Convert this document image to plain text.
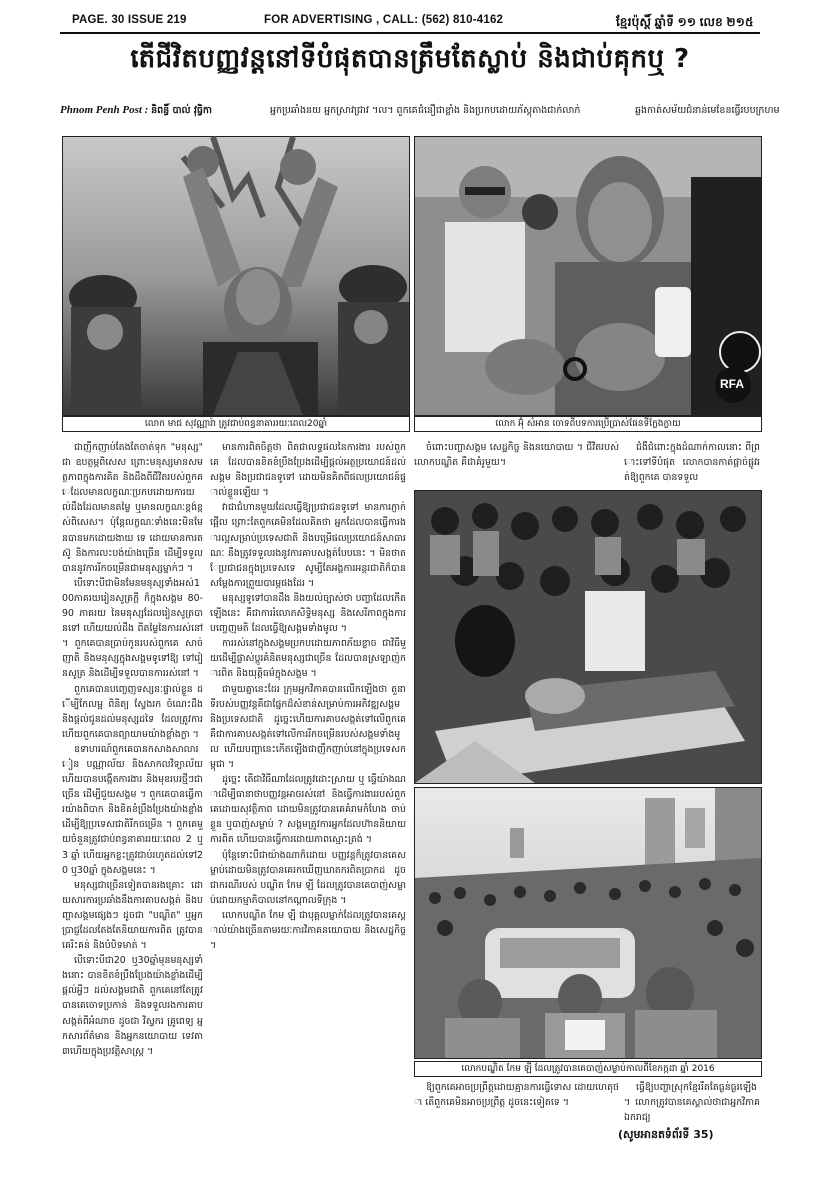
PAGE. 30 ISSUE 219	FOR ADVERTISING , CALL: (562) 810-4162	ខ្មែរប៉ុស្តិ៍ ឆ្នាំទី ១១ លេខ ២១៥
តើជីវិតបញ្ញវន្តនៅទីបំផុតបានត្រឹមតែស្លាប់ និងជាប់គុកឬ ?
Phnom Penh Post : និពន្ធិ៍ បាល់ វុធ្វិកា	អ្នកប្រឆាំងនយ អ្នកស្រាវជ្រាវ ។ល។ ពួកគេ ជំនឿជាខ្លាំង និងប្រកបដោយភ័ស្តុតាងជាក់លាក់	ឆ្លងកាត់សម័យជំនាន់មេខែនធ្វើរបបក្រហម
លោក មាជ សុវណ្ណារ៉ា ត្រូវជាប់ពន្ធនាគាររយៈពេល20ឆ្នាំ
RFA
លោក អ៊ុំ សំអាន ចោទពីបទការប្រើប្រាស់ផែនទីក្លែងក្លាយ

ជាញឹកញាប់តែងតែចាត់ទុក "មនុស្ស" ជា ឧបត្ថម្ភពិសេស ព្រោះមនុស្សមានសមត្ថភាពក្នុងការគិត និងដឹងពីជីវិតរបស់ពួកគេដែលមានលក្ខណៈប្រកបដោយការយល់ដឹងដែលមានតម្លៃ ឬមានលក្ខណៈខ្ពង់ខ្ពស់ពិសេស។ ប៉ុន្តែលក្ខណៈទាំងនេះមិនមែនបានមកដោយងាយ ទេ ដោយមានការតស៊ូ និងការលះបង់យ៉ាងច្រើន ដើម្បីទទួលបាននូវការរីកចម្រើនជាមនុស្សម្នាក់ៗ ។

បើទោះបីជាមិនមែនមនុស្សទាំងអស់100ភាគរយរៀនសូត្រក្តី ក៏ក្នុងសង្គម 80-90 ភាគរយ នៃមនុស្សដែលរៀនសូត្របានទៅ ហើយយល់ដឹង ពីតម្លៃនៃការរស់នៅ ។ ពួកគេបានប្រាប់កូនរបស់ពួកគេ សាច់ញាតិ និងមនុស្សក្នុងសង្គមទូទៅឱ្យ ទៅរៀនសូត្រ និងដើម្បីទទួលបានការរស់នៅ ។

ពួកគេបានបញ្ចេញទស្សនៈផ្ទាល់ខ្លួន ដើម្បីកែលម្អ ពិនិត្យ ស្វែងរក ចំណេះដឹង និងផ្តល់ជូនដល់មនុស្សដទៃ ដែលត្រូវការ ហើយពួកគេបានព្យាយាមយ៉ាងខ្លាំងក្លា ។

ឧទាហរណ៍ពួកគេបានកសាងសាលារៀន បណ្ណាល័យ និងសាកលវិទ្យាល័យ ហើយបានបង្កើតការងារ និងមុខរបរថ្មីៗជាច្រើន ដើម្បីជួយសង្គម ។ ពួកគេបានធ្វើការយ៉ាងពិបាក និងខិតខំប្រឹងប្រែងយ៉ាងខ្លាំង ដើម្បីឱ្យប្រទេសជាតិរីកចម្រើន ។ ពួកគេមួយចំនួនត្រូវជាប់ពន្ធនាគាររយៈពេល 2 ឬ 3 ឆ្នាំ ហើយអ្នកខ្លះត្រូវជាប់រហូតដល់ទៅ20 ឬ30ឆ្នាំ ក្នុងសង្គមនេះ ។

មនុស្សជាច្រើនទៀតបានរងគ្រោះ ដោយសារការប្រឆាំងនឹងការគាបសង្កត់ និងបញ្ហាសង្គមផ្សេងៗ ដូចជា "បណ្ឌិត" ឬអ្នកប្រាជ្ញដែលតែងតែនិយាយការពិត ត្រូវបានគេរិះគន់ និងបំបិទមាត់ ។

បើទោះបីជា20 ឬ30ឆ្នាំមុនមនុស្សទាំងនោះ បានខិតខំប្រឹងប្រែងយ៉ាងខ្លាំងដើម្បីផ្តល់អ្វីៗ ដល់សង្គមជាតិ ពួកគេនៅតែត្រូវបានគេចោទប្រកាន់ និងទទួលរងការគាបសង្កត់ពីអំណាច ដូចជា វិស្វករ គ្រូពេទ្យ អ្នកសារព័ត៌មាន និងអ្នកនយោបាយ ទេវតា ៣ហើយក្នុងប្រវត្តិសាស្ត្រ ។

មានការពិតចិត្តថា ពិតជាលទ្ធផលនៃការងារ របស់ពួកគេ ដែលបានខិតខំប្រឹងប្រែងដើម្បីផ្តល់អត្ថប្រយោជន៍ដល់សង្គម និងប្រជាជនទូទៅ ដោយមិនគិតពីផលប្រយោជន៍ផ្ទាល់ខ្លួនឡើយ ។

វាជាជំហានមួយដែលធ្វើឱ្យប្រជាជនទូទៅ មានការភ្ញាក់ផ្អើល ព្រោះតែពួកគេមិនដែលគិតថា អ្នកដែលបានធ្វើការងារល្អសម្រាប់ប្រទេសជាតិ និងបម្រើផលប្រយោជន៍សាធារណៈ នឹងត្រូវទទួលរងនូវការគាបសង្កត់បែបនេះ ។ មិនថាតែប្រជាជនក្នុងប្រទេសទេ សូម្បីតែអង្គការអន្តរជាតិក៏បានសម្តែងការព្រួយបារម្ភផងដែរ ។

មនុស្សទូទៅបានដឹង និងយល់ច្បាស់ថា បញ្ហាដែលកើតឡើងនេះ គឺជាការរំលោភសិទ្ធិមនុស្ស និងសេរីភាពក្នុងការបញ្ចេញមតិ ដែលធ្វើឱ្យសង្គមទាំងមូល ។

ការរស់នៅក្នុងសង្គមប្រកបដោយភាពភ័យខ្លាច ជាវិធីមួយដើម្បីផ្លាស់ប្តូរគំនិតមនុស្សជាច្រើន ដែលបានស្រឡាញ់ការពិត និងយុត្តិធម៌ក្នុងសង្គម ។

ជាមួយគ្នានេះដែរ ក្រុមអ្នកវិភាគបានលើកឡើងថា តួនាទីរបស់បញ្ញវន្តគឺជាផ្នែកដ៏សំខាន់សម្រាប់ការអភិវឌ្ឍសង្គម និងប្រទេសជាតិ ដូច្នេះហើយការគាបសង្កត់ទៅលើពួកគេ គឺជាការគាបសង្កត់ទៅលើការរីកចម្រើនរបស់សង្គមទាំងមូល ហើយបញ្ហានេះកើតឡើងជាញឹកញាប់នៅក្នុងប្រទេសកម្ពុជា ។

ដូច្នេះ តើជាវិធីណាដែលត្រូវដោះស្រាយ ឬ ធ្វើយ៉ាងណាដើម្បីធានាថាបញ្ញវន្តអាចរស់នៅ និងធ្វើការងាររបស់ពួកគេដោយសុវត្ថិភាព ដោយមិនត្រូវបានគេគំរាមកំហែង ចាប់ខ្លួន ឬបាញ់សម្លាប់ ? សង្គមត្រូវការអ្នកដែលហ៊ាននិយាយការពិត ហើយបានធ្វើការដោយភាពស្មោះត្រង់ ។

ប៉ុន្តែទោះបីជាយ៉ាងណាក៏ដោយ បញ្ញវន្តក៏ត្រូវបានគេសម្លាប់ដោយមិនត្រូវបានគេរកឃើញឃាតករពិតប្រាកដ ដូចជាករណីរបស់ បណ្ឌិត កែម ឡី ដែលត្រូវបានគេបាញ់សម្លាប់ដោយកម្មាភិបាលនៅកណ្តាលទីក្រុង ។

លោកបណ្ឌិត កែម ឡី ជាបុគ្គលម្នាក់ដែលត្រូវបានគេស្គាល់យ៉ាងច្រើនតាមរយៈការវិភាគនយោបាយ និងសេដ្ឋកិច្ច ។

ចំពោះបញ្ហាសង្គម សេដ្ឋកិច្ច និងនយោបាយ ។ ជីវិតរបស់លោកបណ្ឌិត គឺជាគំរូមួយ។

ជំងឺជំពោះក្នុងដំណាក់កាលនោះ ពីព្រោះទៅទីបំផុត លោកបានកាត់ផ្តាច់ផ្លូវរត់ឱ្យពួកគេ បានទទួល

លោកបណ្ឌិត កែម ឡី ដែលត្រូវបានគេបាញ់សម្លាប់កាលពីខែកក្កដា ឆ្នាំ 2016

ឱ្យពួកគេអាចប្រព្រឹត្តដោយគ្មានការធ្វើទោស ដោយហេតុថា តើពួកគេមិនអាចប្រព្រឹត្ត ដូចនេះទៀតទេ ។

ធ្វើឱ្យបញ្ហាស្រុកខ្មែររឹតតែធ្ងន់ធ្ងរឡើង ។ លោកត្រូវបានគេស្គាល់ថាជាអ្នកវិភាគ ឯករាជ្យ

(សូមអានតទំព័រទី 35)
